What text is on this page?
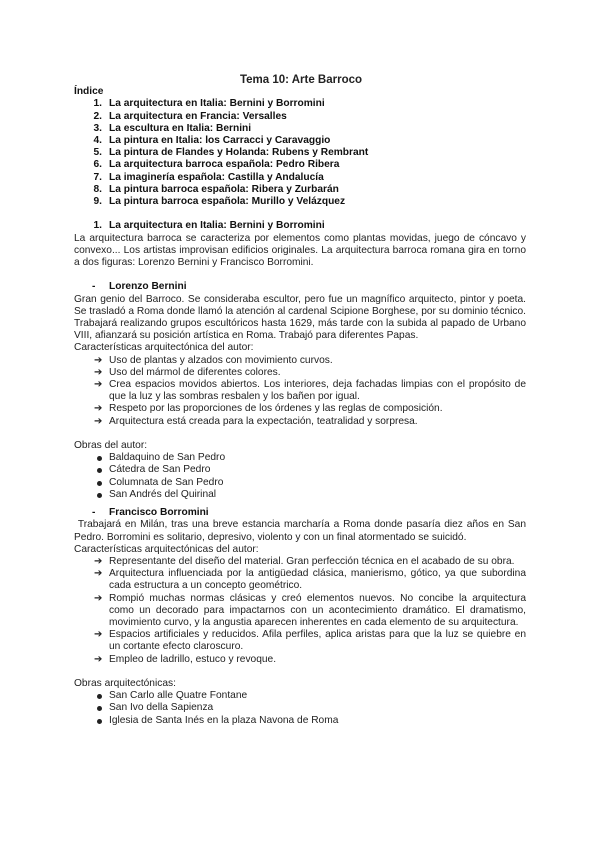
Tema 10: Arte Barroco
Índice
1. La arquitectura en Italia: Bernini y Borromini
2. La arquitectura en Francia: Versalles
3. La escultura en Italia: Bernini
4. La pintura en Italia: los Carracci y Caravaggio
5. La pintura de Flandes y Holanda: Rubens y Rembrant
6. La arquitectura barroca española: Pedro Ribera
7. La imaginería española: Castilla y Andalucía
8. La pintura barroca española: Ribera y Zurbarán
9. La pintura barroca española: Murillo y Velázquez
1. La arquitectura en Italia: Bernini y Borromini

La arquitectura barroca se caracteriza por elementos como plantas movidas, juego de cóncavo y convexo... Los artistas improvisan edificios originales. La arquitectura barroca romana gira en torno a dos figuras: Lorenzo Bernini y Francisco Borromini.

- Lorenzo Bernini

Gran genio del Barroco. Se consideraba escultor, pero fue un magnífico arquitecto, pintor y poeta. Se trasladó a Roma donde llamó la atención al cardenal Scipione Borghese, por su dominio técnico. Trabajará realizando grupos escultóricos hasta 1629, más tarde con la subida al papado de Urbano VIII, afianzará su posición artística en Roma. Trabajó para diferentes Papas.

Características arquitectónica del autor:
➔ Uso de plantas y alzados con movimiento curvos.
➔ Uso del mármol de diferentes colores.
➔ Crea espacios movidos abiertos. Los interiores, deja fachadas limpias con el propósito de que la luz y las sombras resbalen y los bañen por igual.
➔ Respeto por las proporciones de los órdenes y las reglas de composición.
➔ Arquitectura está creada para la expectación, teatralidad y sorpresa.
Obras del autor:
Baldaquino de San Pedro
Cátedra de San Pedro
Columnata de San Pedro
San Andrés del Quirinal
- Francisco Borromini

Trabajará en Milán, tras una breve estancia marcharía a Roma donde pasaría diez años en San Pedro. Borromini es solitario, depresivo, violento y con un final atormentado se suicidó.

Características arquitectónicas del autor:
➔ Representante del diseño del material. Gran perfección técnica en el acabado de su obra.
➔ Arquitectura influenciada por la antigüedad clásica, manierismo, gótico, ya que subordina cada estructura a un concepto geométrico.
➔ Rompió muchas normas clásicas y creó elementos nuevos. No concibe la arquitectura como un decorado para impactarnos con un acontecimiento dramático. El dramatismo, movimiento curvo, y la angustia aparecen inherentes en cada elemento de su arquitectura.
➔ Espacios artificiales y reducidos. Afila perfiles, aplica aristas para que la luz se quiebre en un cortante efecto claroscuro.
➔ Empleo de ladrillo, estuco y revoque.
Obras arquitectónicas:
San Carlo alle Quatre Fontane
San Ivo della Sapienza
Iglesia de Santa Inés en la plaza Navona de Roma
